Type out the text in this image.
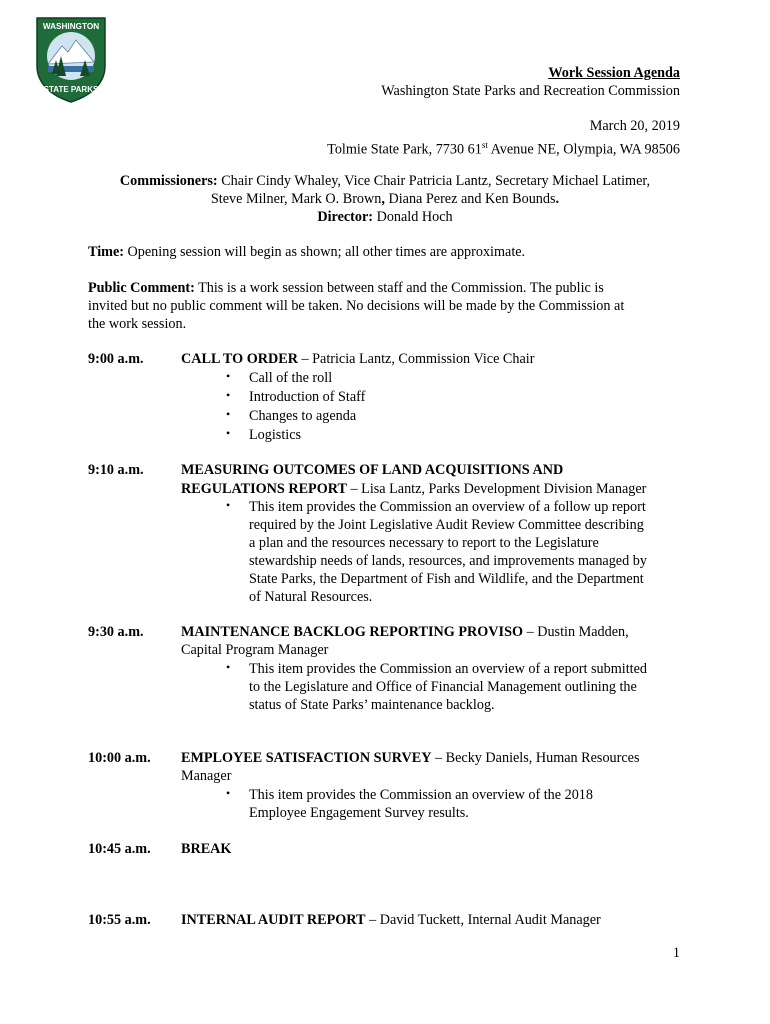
WASHINGTON
STATE PARKS
Work Session Agenda
Washington State Parks and Recreation Commission
March 20, 2019
Tolmie State Park, 7730 61st Avenue NE, Olympia, WA 98506
Commissioners: Chair Cindy Whaley, Vice Chair Patricia Lantz, Secretary Michael Latimer,
Steve Milner, Mark O. Brown, Diana Perez and Ken Bounds.
Director: Donald Hoch
Time: Opening session will begin as shown; all other times are approximate.
Public Comment: This is a work session between staff and the Commission. The public is
invited but no public comment will be taken. No decisions will be made by the Commission at
the work session.
9:00 a.m.	CALL TO ORDER – Patricia Lantz, Commission Vice Chair
Call of the roll
Introduction of Staff
Changes to agenda
Logistics
9:10 a.m.	MEASURING OUTCOMES OF LAND ACQUISITIONS AND
REGULATIONS REPORT – Lisa Lantz, Parks Development Division Manager
This item provides the Commission an overview of a follow up report
required by the Joint Legislative Audit Review Committee describing
a plan and the resources necessary to report to the Legislature
stewardship needs of lands, resources, and improvements managed by
State Parks, the Department of Fish and Wildlife, and the Department
of Natural Resources.
9:30 a.m.	MAINTENANCE BACKLOG REPORTING PROVISO – Dustin Madden,
Capital Program Manager
This item provides the Commission an overview of a report submitted
to the Legislature and Office of Financial Management outlining the
status of State Parks’ maintenance backlog.
10:00 a.m. EMPLOYEE SATISFACTION SURVEY – Becky Daniels, Human Resources
Manager
This item provides the Commission an overview of the 2018
Employee Engagement Survey results.
10:45 a.m. BREAK
10:55 a.m. INTERNAL AUDIT REPORT – David Tuckett, Internal Audit Manager
1
